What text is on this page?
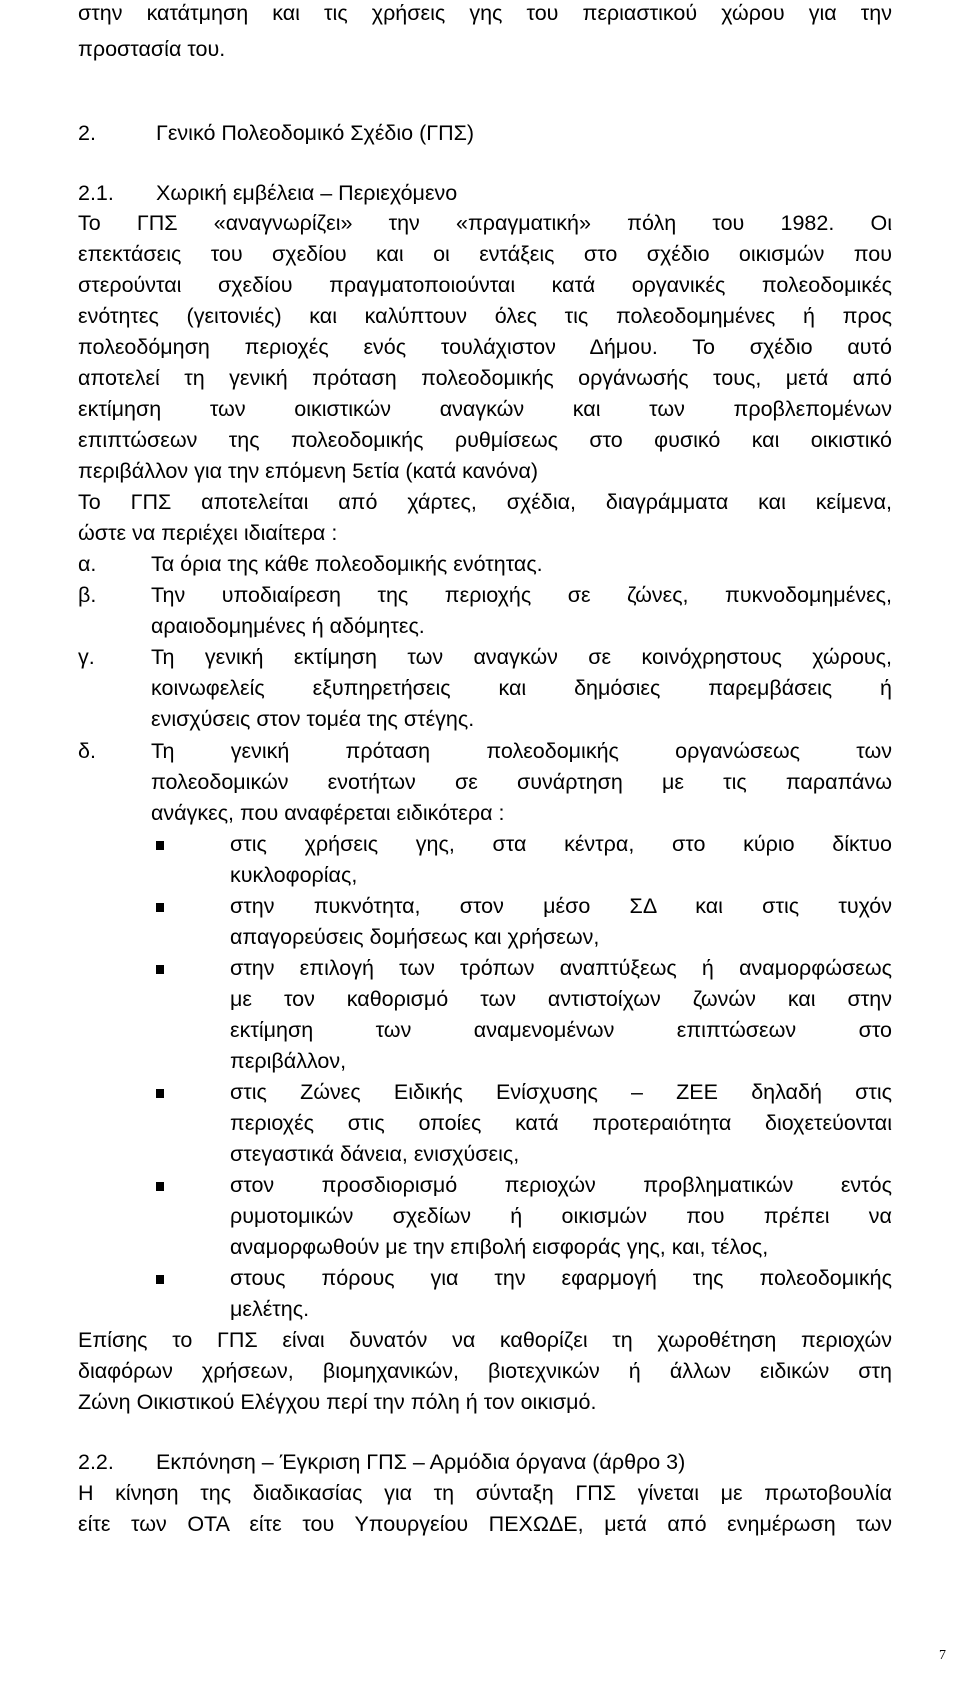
στην κατάτμηση και τις χρήσεις γης του περιαστικού χώρου για την
προστασία του.
2.	Γενικό Πολεοδομικό Σχέδιο (ΓΠΣ)
2.1. Χωρική εμβέλεια – Περιεχόμενο
Το ΓΠΣ «αναγνωρίζει» την «πραγματική» πόλη του 1982. Οι
επεκτάσεις του σχεδίου και οι εντάξεις στο σχέδιο οικισμών που
στερούνται σχεδίου πραγματοποιούνται κατά οργανικές πολεοδομικές
ενότητες (γειτονιές) και καλύπτουν όλες τις πολεοδομημένες ή προς
πολεοδόμηση περιοχές ενός τουλάχιστον Δήμου. Το σχέδιο αυτό
αποτελεί τη γενική πρόταση πολεοδομικής οργάνωσής τους, μετά από
εκτίμηση των οικιστικών αναγκών και των προβλεπομένων
επιπτώσεων της πολεοδομικής ρυθμίσεως στο φυσικό και οικιστικό
περιβάλλον για την επόμενη 5ετία (κατά κανόνα)
Το ΓΠΣ αποτελείται από χάρτες, σχέδια, διαγράμματα και κείμενα,
ώστε να περιέχει ιδιαίτερα :
α.	Τα όρια της κάθε πολεοδομικής ενότητας.
β.	Την υποδιαίρεση της περιοχής σε ζώνες, πυκνοδομημένες,
αραιοδομημένες ή αδόμητες.
γ.	Τη γενική εκτίμηση των αναγκών σε κοινόχρηστους χώρους,
κοινωφελείς εξυπηρετήσεις και δημόσιες παρεμβάσεις ή
ενισχύσεις στον τομέα της στέγης.
δ.	Τη γενική πρόταση πολεοδομικής οργανώσεως των
πολεοδομικών ενοτήτων σε συνάρτηση με τις παραπάνω
ανάγκες, που αναφέρεται ειδικότερα :
στις χρήσεις γης, στα κέντρα, στο κύριο δίκτυο
κυκλοφορίας,
στην πυκνότητα, στον μέσο ΣΔ και στις τυχόν
απαγορεύσεις δομήσεως και χρήσεων,
στην επιλογή των τρόπων αναπτύξεως ή αναμορφώσεως
με τον καθορισμό των αντιστοίχων ζωνών και στην
εκτίμηση των αναμενομένων επιπτώσεων στο
περιβάλλον,
στις Ζώνες Ειδικής Ενίσχυσης – ΖΕΕ δηλαδή στις
περιοχές στις οποίες κατά προτεραιότητα διοχετεύονται
στεγαστικά δάνεια, ενισχύσεις,
στον προσδιορισμό περιοχών προβληματικών εντός
ρυμοτομικών σχεδίων ή οικισμών που πρέπει να
αναμορφωθούν με την επιβολή εισφοράς γης, και, τέλος,
στους πόρους για την εφαρμογή της πολεοδομικής
μελέτης.
Επίσης το ΓΠΣ είναι δυνατόν να καθορίζει τη χωροθέτηση περιοχών
διαφόρων χρήσεων, βιομηχανικών, βιοτεχνικών ή άλλων ειδικών στη
Ζώνη Οικιστικού Ελέγχου περί την πόλη ή τον οικισμό.
2.2. Εκπόνηση – Έγκριση ΓΠΣ – Αρμόδια όργανα (άρθρο 3)
Η κίνηση της διαδικασίας για τη σύνταξη ΓΠΣ γίνεται με πρωτοβουλία
είτε των ΟΤΑ είτε του Υπουργείου ΠΕΧΩΔΕ, μετά από ενημέρωση των
7
